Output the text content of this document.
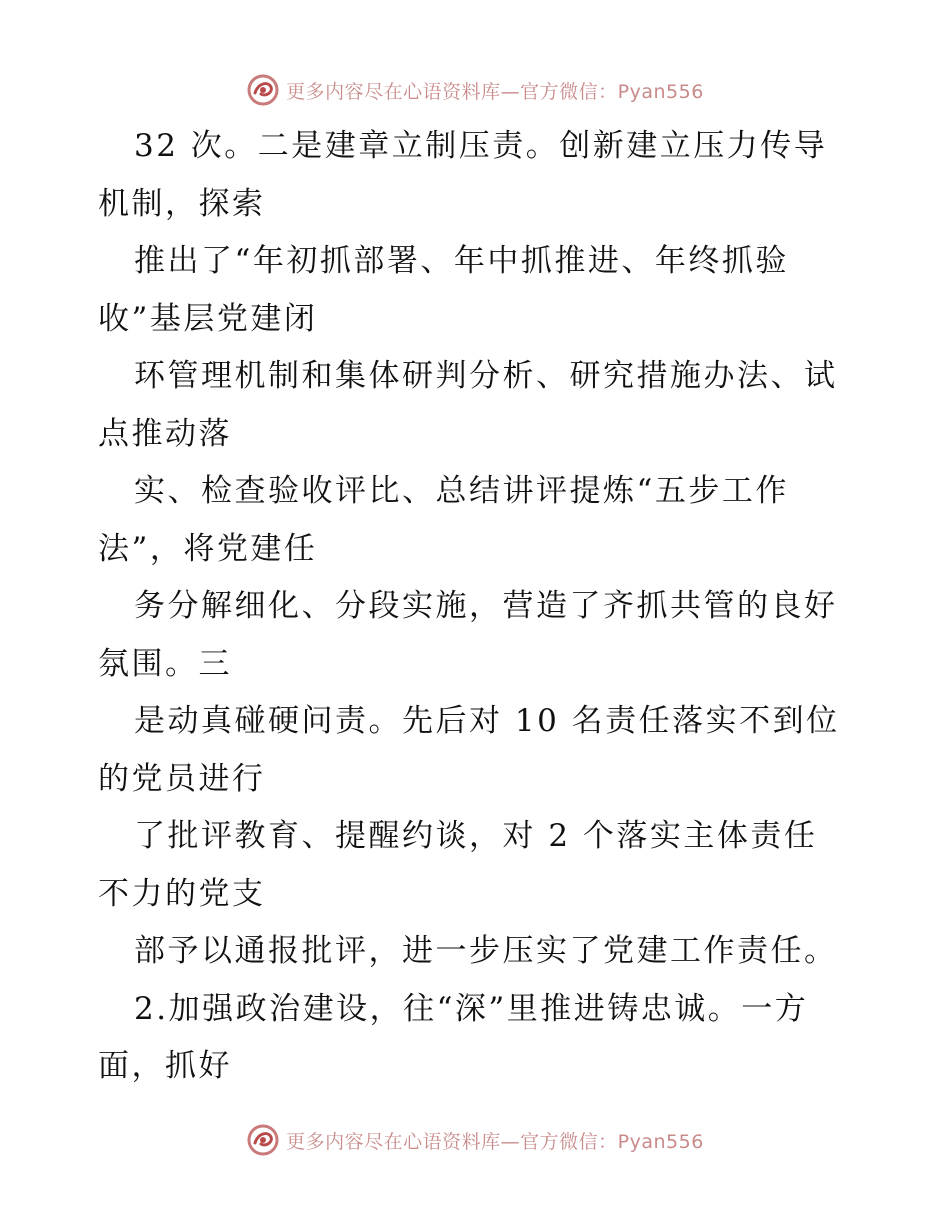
更多内容尽在心语资料库—官方微信：Pyan556
32 次。二是建章立制压责。创新建立压力传导
机制，探索
推出了“年初抓部署、年中抓推进、年终抓验
收”基层党建闭
环管理机制和集体研判分析、研究措施办法、试
点推动落
实、检查验收评比、总结讲评提炼“五步工作
法”，将党建任
务分解细化、分段实施，营造了齐抓共管的良好
氛围。三
是动真碰硬问责。先后对 10 名责任落实不到位
的党员进行
了批评教育、提醒约谈，对 2 个落实主体责任
不力的党支
部予以通报批评，进一步压实了党建工作责任。
2.加强政治建设，往“深”里推进铸忠诚。一方
面，抓好
更多内容尽在心语资料库—官方微信：Pyan556
